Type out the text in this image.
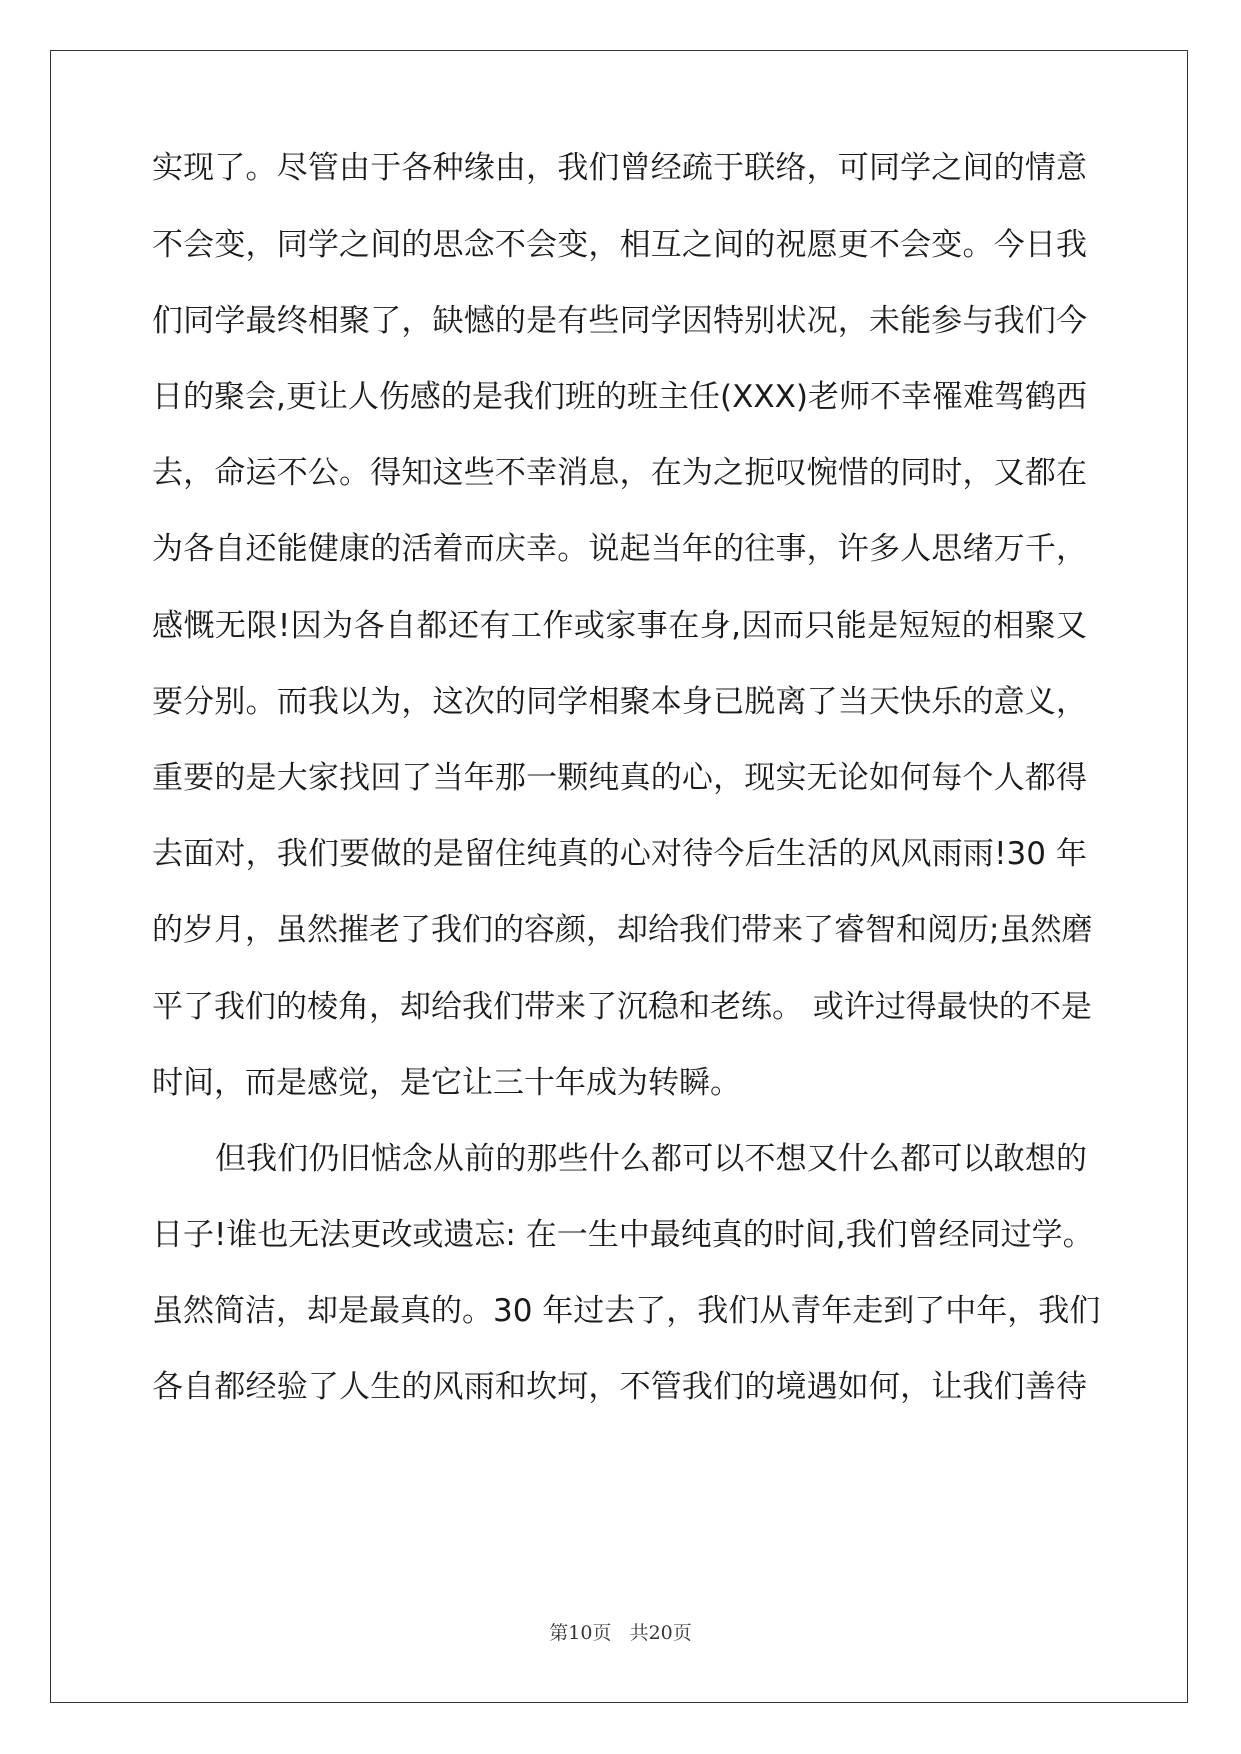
实现了。尽管由于各种缘由，我们曾经疏于联络，可同学之间的情意
不会变，同学之间的思念不会变，相互之间的祝愿更不会变。今日我
们同学最终相聚了，缺憾的是有些同学因特别状况，未能参与我们今
日的聚会,更让人伤感的是我们班的班主任(XXX)老师不幸罹难驾鹤西
去，命运不公。得知这些不幸消息，在为之扼叹惋惜的同时，又都在
为各自还能健康的活着而庆幸。说起当年的往事，许多人思绪万千，
感慨无限!因为各自都还有工作或家事在身,因而只能是短短的相聚又
要分别。而我以为，这次的同学相聚本身已脱离了当天快乐的意义，
重要的是大家找回了当年那一颗纯真的心，现实无论如何每个人都得
去面对，我们要做的是留住纯真的心对待今后生活的风风雨雨!30 年
的岁月，虽然摧老了我们的容颜，却给我们带来了睿智和阅历;虽然磨
平了我们的棱角，却给我们带来了沉稳和老练。 或许过得最快的不是
时间，而是感觉，是它让三十年成为转瞬。
但我们仍旧惦念从前的那些什么都可以不想又什么都可以敢想的
日子!谁也无法更改或遗忘: 在一生中最纯真的时间,我们曾经同过学。
虽然简洁，却是最真的。30 年过去了，我们从青年走到了中年，我们
各自都经验了人生的风雨和坎坷，不管我们的境遇如何，让我们善待
第10页 共20页
